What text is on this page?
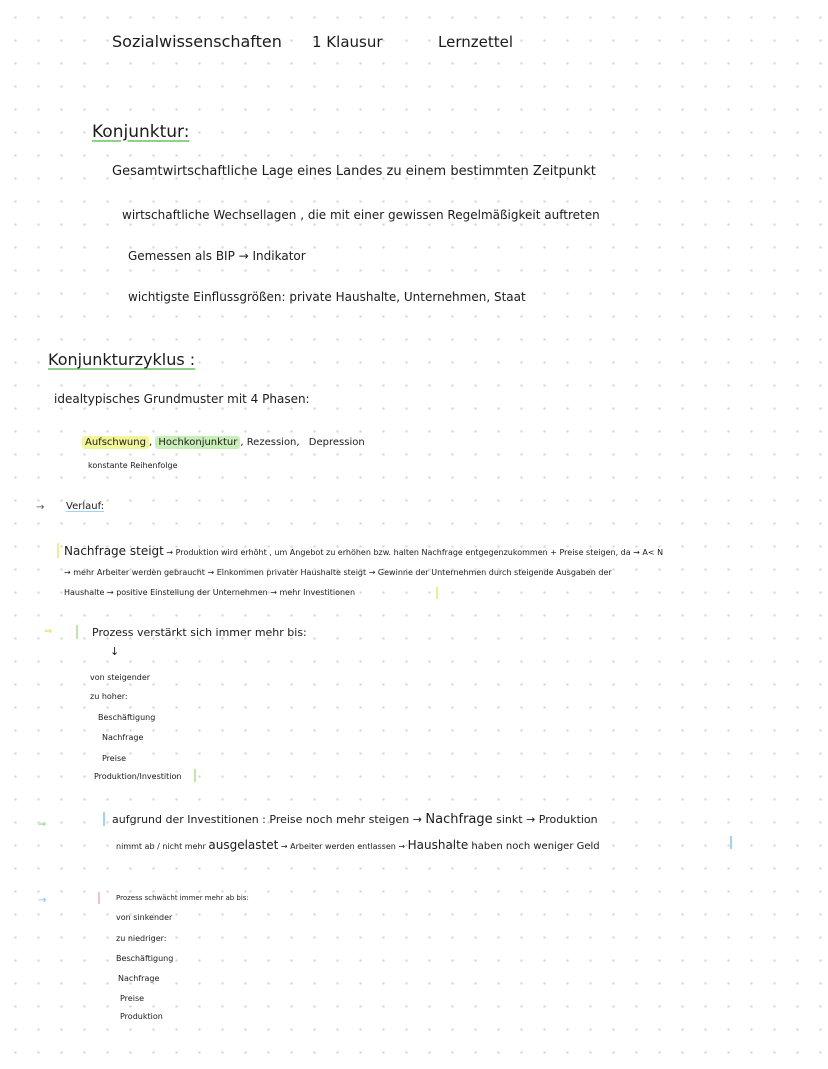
Sozialwissenschaften 1 Klausur	Lernzettel
Konjunktur:
Gesamtwirtschaftliche Lage eines Landes zu einem bestimmten Zeitpunkt
wirtschaftliche Wechsellagen , die mit einer gewissen Regelmäßigkeit auftreten
Gemessen als BIP → Indikator
wichtigste Einflussgrößen: private Haushalte, Unternehmen, Staat
Konjunkturzyklus :
idealtypisches Grundmuster mit 4 Phasen:
Aufschwung , Hochkonjunktur , Rezession, Depression
konstante Reihenfolge
→ Verlauf:
Nachfrage steigt → Produktion wird erhöht , um Angebot zu erhöhen bzw. halten Nachfrage entgegenzukommen + Preise steigen, da → A< N
→ mehr Arbeiter werden gebraucht → Einkommen privater Haushalte steigt → Gewinne der Unternehmen durch steigende Ausgaben der
Haushalte → positive Einstellung der Unternehmen → mehr Investitionen
⇒	Prozess verstärkt sich immer mehr bis:
↓
von steigender
zu hoher:
Beschäftigung
Nachfrage
Preise
Produktion/Investition
⇒	aufgrund der Investitionen : Preise noch mehr steigen → Nachfrage sinkt → Produktion
nimmt ab / nicht mehr ausgelastet → Arbeiter werden entlassen → Haushalte haben noch weniger Geld
→	Prozess schwächt immer mehr ab bis:
von sinkender
zu niedriger:
Beschäftigung
Nachfrage
Preise
Produktion
